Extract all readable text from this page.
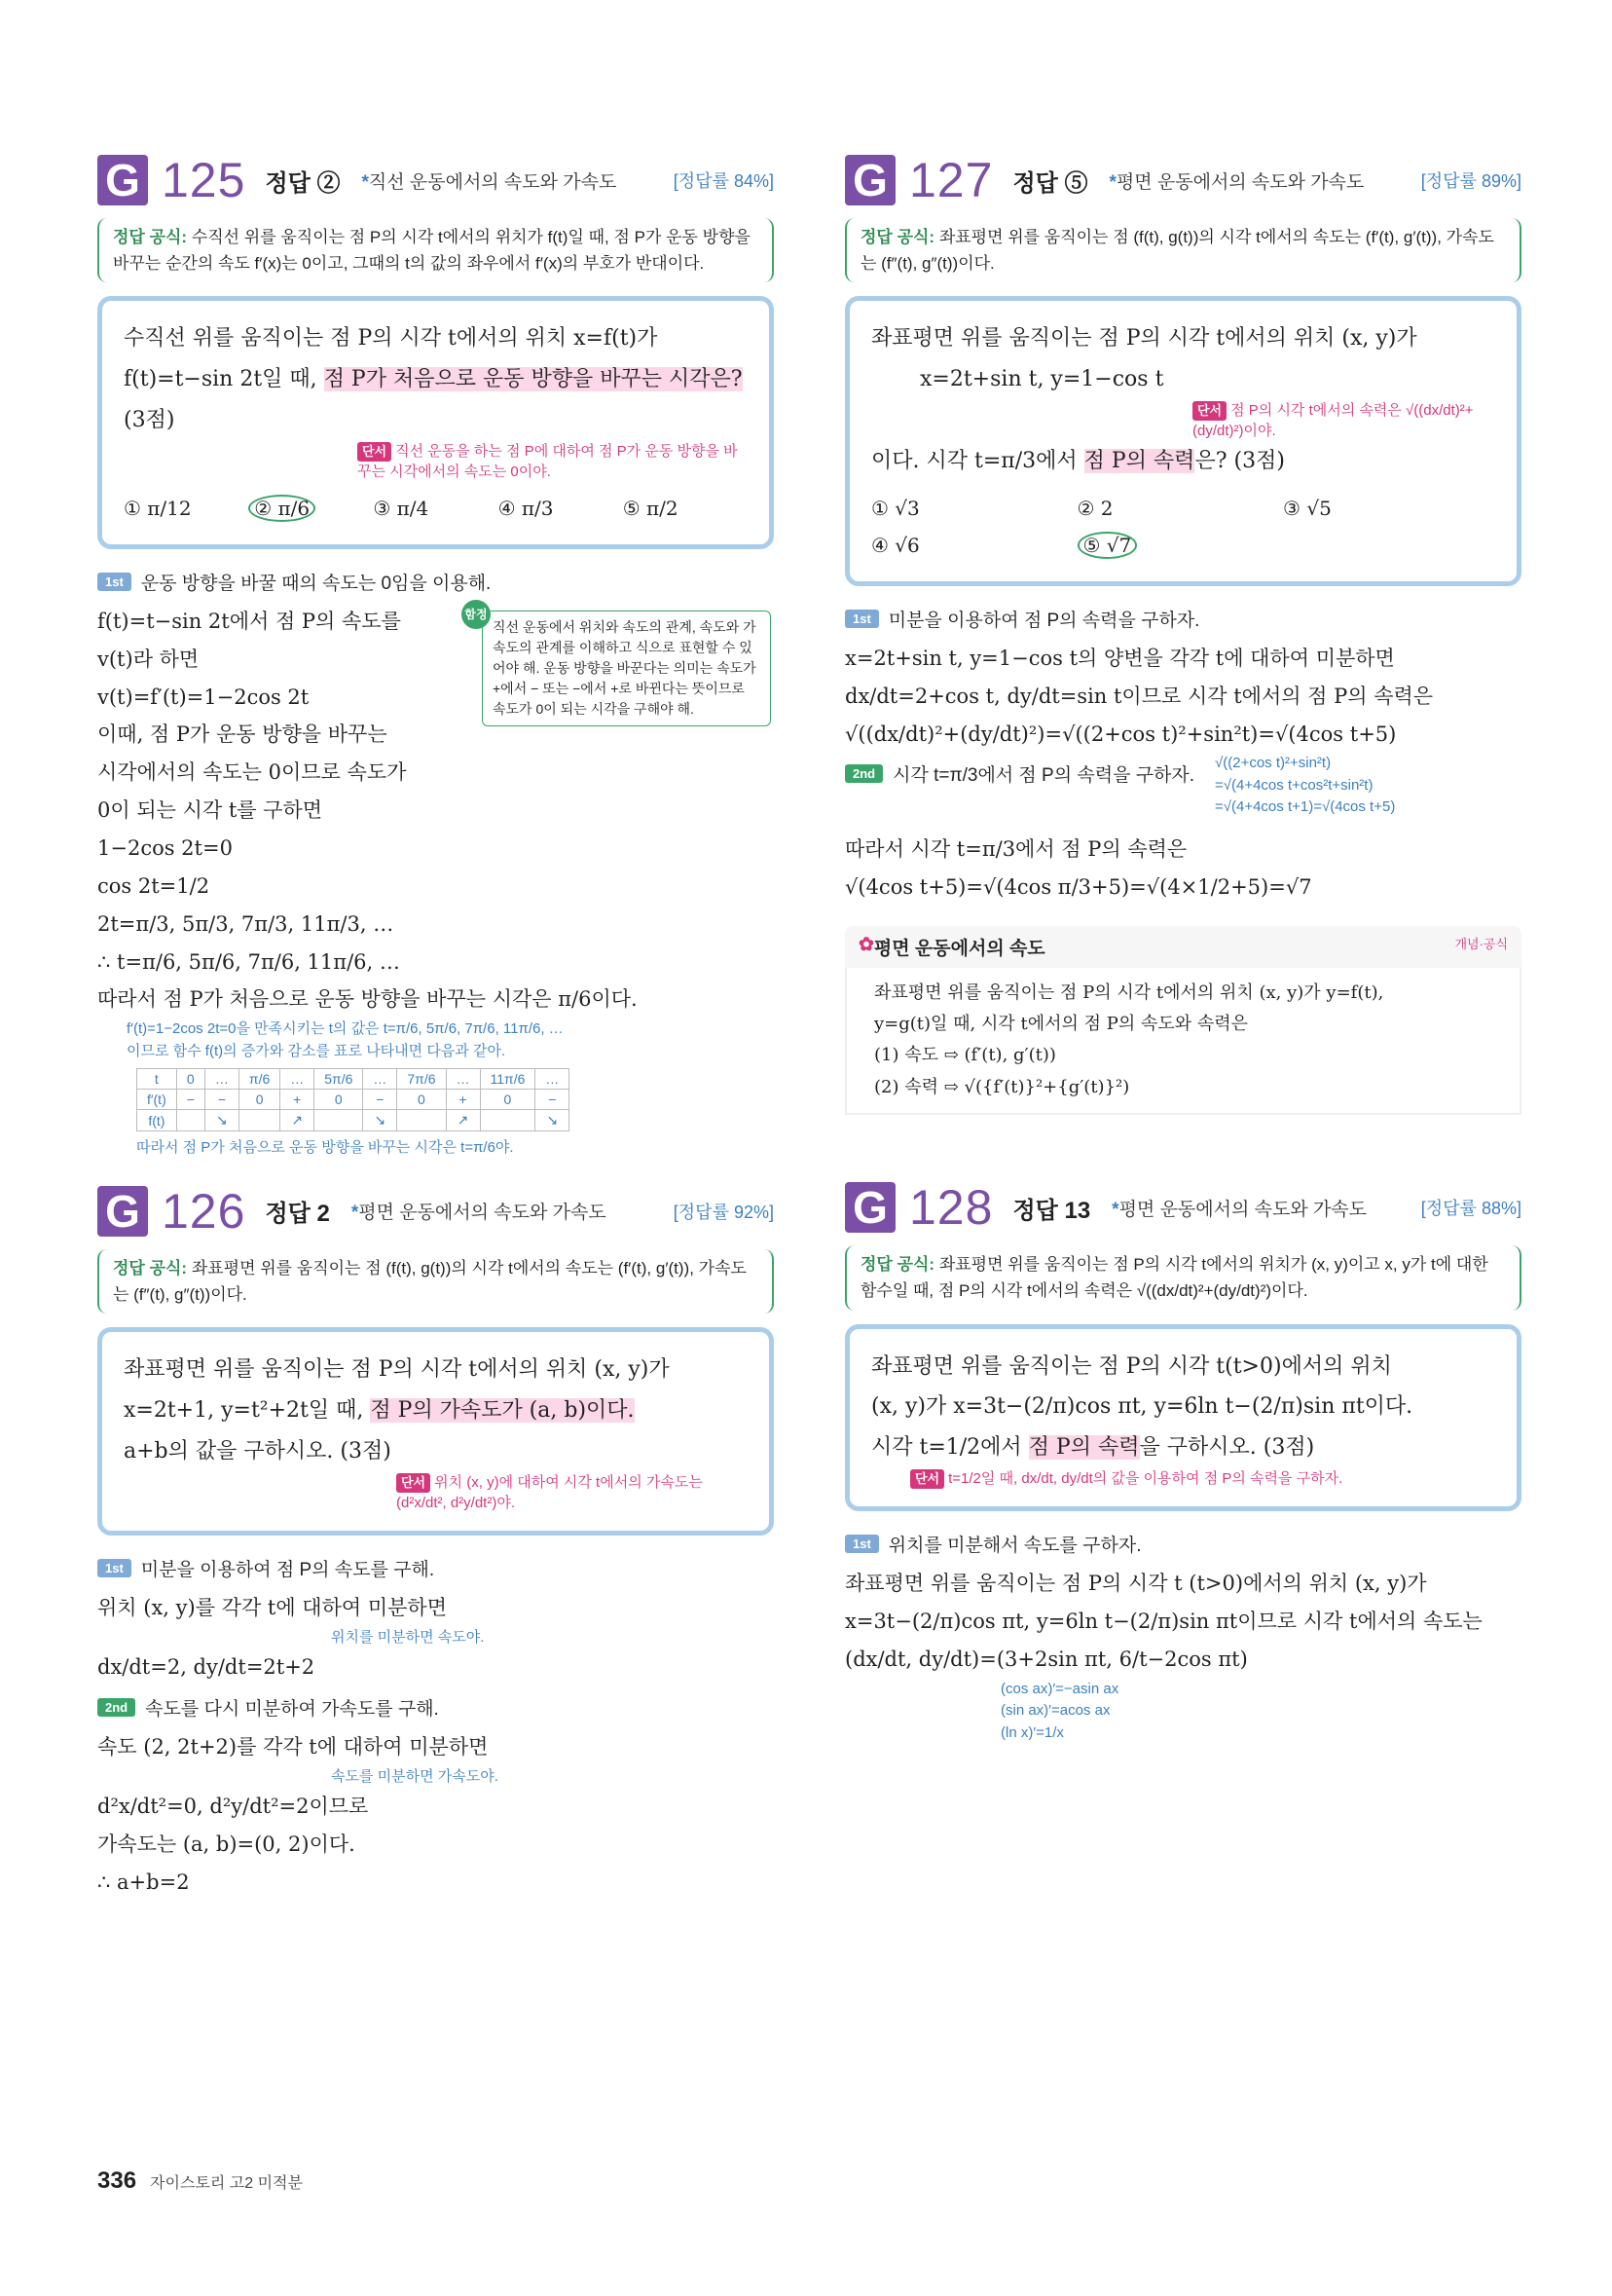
G 125 정답 ② *직선 운동에서의 속도와 가속도	[정답률 84%]
정답 공식: 수직선 위를 움직이는 점 P의 시각 t에서의 위치가 f(t)일 때, 점 P가 운동 방향을 바꾸는 순간의 속도 f′(x)는 0이고, 그때의 t의 값의 좌우에서 f′(x)의 부호가 반대이다.
수직선 위를 움직이는 점 P의 시각 t에서의 위치 x=f(t)가
f(t)=t−sin 2t일 때, 점 P가 처음으로 운동 방향을 바꾸는 시각은? (3점)
단서 직선 운동을 하는 점 P에 대하여 점 P가 운동 방향을 바꾸는 시각에서의 속도는 0이야.
① π/12	② π/6	③ π/4	④ π/3	⑤ π/2
1st 운동 방향을 바꿀 때의 속도는 0임을 이용해.
f(t)=t−sin 2t에서 점 P의 속도를
v(t)라 하면
v(t)=f′(t)=1−2cos 2t
이때, 점 P가 운동 방향을 바꾸는
시각에서의 속도는 0이므로 속도가
0이 되는 시각 t를 구하면
1−2cos 2t=0
cos 2t=1/2
2t=π/3, 5π/3, 7π/3, 11π/3, …
∴ t=π/6, 5π/6, 7π/6, 11π/6, …
따라서 점 P가 처음으로 운동 방향을 바꾸는 시각은 π/6이다.
함정
직선 운동에서 위치와 속도의 관계, 속도와 가속도의 관계를 이해하고 식으로 표현할 수 있어야 해. 운동 방향을 바꾼다는 의미는 속도가 +에서 − 또는 −에서 +로 바뀐다는 뜻이므로 속도가 0이 되는 시각을 구해야 해.
f′(t)=1−2cos 2t=0을 만족시키는 t의 값은 t=π/6, 5π/6, 7π/6, 11π/6, …
이므로 함수 f(t)의 증가와 감소를 표로 나타내면 다음과 같아.
t	0	…	π/6	…	5π/6	…	7π/6	…	11π/6	…
f′(t)	−	−	0	+	0	−	0	+	0	−
f(t)		↘		↗		↘		↗		↘
따라서 점 P가 처음으로 운동 방향을 바꾸는 시각은 t=π/6야.
G 126 정답 2 *평면 운동에서의 속도와 가속도	[정답률 92%]
정답 공식: 좌표평면 위를 움직이는 점 (f(t), g(t))의 시각 t에서의 속도는 (f′(t), g′(t)), 가속도는 (f″(t), g″(t))이다.
좌표평면 위를 움직이는 점 P의 시각 t에서의 위치 (x, y)가
x=2t+1, y=t²+2t일 때, 점 P의 가속도가 (a, b)이다.
a+b의 값을 구하시오. (3점)
단서 위치 (x, y)에 대하여 시각 t에서의 가속도는 (d²x/dt², d²y/dt²)야.
1st 미분을 이용하여 점 P의 속도를 구해.
위치 (x, y)를 각각 t에 대하여 미분하면
위치를 미분하면 속도야.
dx/dt=2, dy/dt=2t+2
2nd 속도를 다시 미분하여 가속도를 구해.
속도 (2, 2t+2)를 각각 t에 대하여 미분하면
속도를 미분하면 가속도야.
d²x/dt²=0, d²y/dt²=2이므로
가속도는 (a, b)=(0, 2)이다.
∴ a+b=2
G 127 정답 ⑤ *평면 운동에서의 속도와 가속도	[정답률 89%]
정답 공식: 좌표평면 위를 움직이는 점 (f(t), g(t))의 시각 t에서의 속도는 (f′(t), g′(t)), 가속도는 (f″(t), g″(t))이다.
좌표평면 위를 움직이는 점 P의 시각 t에서의 위치 (x, y)가
x=2t+sin t, y=1−cos t
단서 점 P의 시각 t에서의 속력은 √((dx/dt)²+(dy/dt)²)이야.
이다. 시각 t=π/3에서 점 P의 속력은? (3점)
① √3	② 2	③ √5
④ √6	⑤ √7
1st 미분을 이용하여 점 P의 속력을 구하자.
x=2t+sin t, y=1−cos t의 양변을 각각 t에 대하여 미분하면
dx/dt=2+cos t, dy/dt=sin t이므로 시각 t에서의 점 P의 속력은
√((dx/dt)²+(dy/dt)²)=√((2+cos t)²+sin²t)=√(4cos t+5)
2nd 시각 t=π/3에서 점 P의 속력을 구하자.
√((2+cos t)²+sin²t)
=√(4+4cos t+cos²t+sin²t)
=√(4+4cos t+1)=√(4cos t+5)
따라서 시각 t=π/3에서 점 P의 속력은
√(4cos t+5)=√(4cos π/3+5)=√(4×1/2+5)=√7
✿ 평면 운동에서의 속도	개념·공식
좌표평면 위를 움직이는 점 P의 시각 t에서의 위치 (x, y)가 y=f(t),
y=g(t)일 때, 시각 t에서의 점 P의 속도와 속력은
(1) 속도 ⇨ (f′(t), g′(t))
(2) 속력 ⇨ √({f′(t)}²+{g′(t)}²)
G 128 정답 13 *평면 운동에서의 속도와 가속도	[정답률 88%]
정답 공식: 좌표평면 위를 움직이는 점 P의 시각 t에서의 위치가 (x, y)이고 x, y가 t에 대한 함수일 때, 점 P의 시각 t에서의 속력은 √((dx/dt)²+(dy/dt)²)이다.
좌표평면 위를 움직이는 점 P의 시각 t(t>0)에서의 위치
(x, y)가 x=3t−(2/π)cos πt, y=6ln t−(2/π)sin πt이다.
시각 t=1/2에서 점 P의 속력을 구하시오. (3점)
단서 t=1/2일 때, dx/dt, dy/dt의 값을 이용하여 점 P의 속력을 구하자.
1st 위치를 미분해서 속도를 구하자.
좌표평면 위를 움직이는 점 P의 시각 t (t>0)에서의 위치 (x, y)가
x=3t−(2/π)cos πt, y=6ln t−(2/π)sin πt이므로 시각 t에서의 속도는
(dx/dt, dy/dt)=(3+2sin πt, 6/t−2cos πt)
(cos ax)′=−asin ax
(sin ax)′=acos ax
(ln x)′=1/x
336 자이스토리 고2 미적분
